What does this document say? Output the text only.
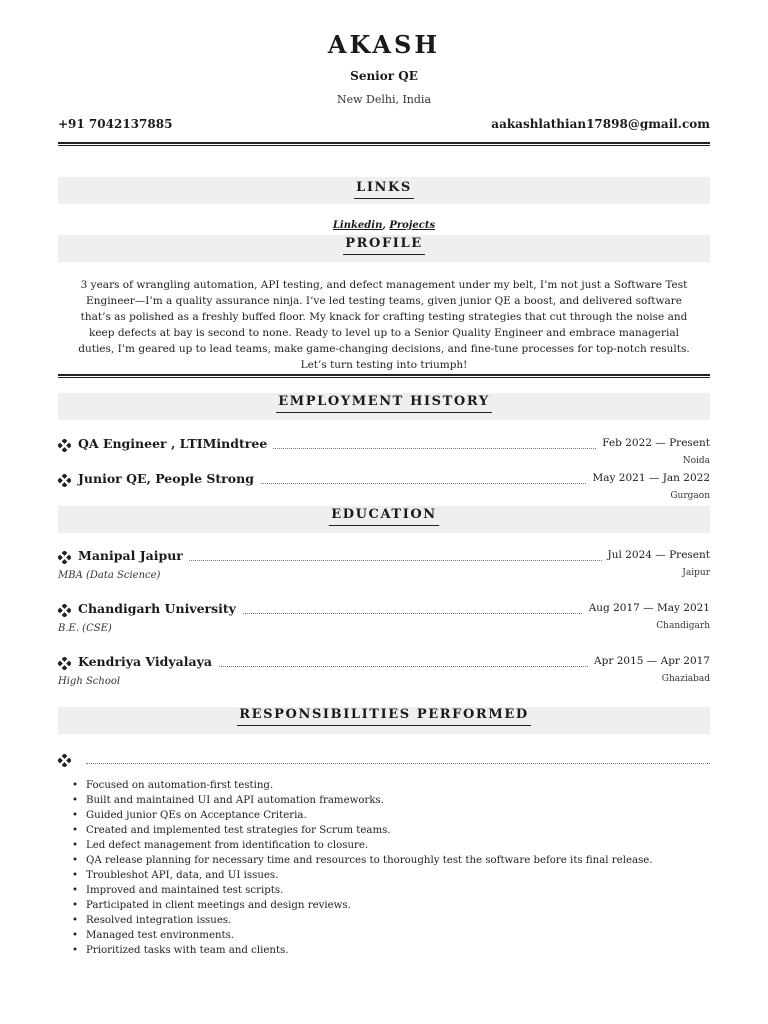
AKASH
Senior QE
New Delhi, India
+91 7042137885	aakashlathian17898@gmail.com
LINKS
Linkedin, Projects
PROFILE
3 years of wrangling automation, API testing, and defect management under my belt, I’m not just a Software Test Engineer—I’m a quality assurance ninja. I’ve led testing teams, given junior QE a boost, and delivered software that’s as polished as a freshly buffed floor. My knack for crafting testing strategies that cut through the noise and keep defects at bay is second to none. Ready to level up to a Senior Quality Engineer and embrace managerial duties, I’m geared up to lead teams, make game-changing decisions, and fine-tune processes for top-notch results. Let’s turn testing into triumph!
EMPLOYMENT HISTORY
QA Engineer , LTIMindtree	Feb 2022 — Present
Noida
Junior QE, People Strong	May 2021 — Jan 2022
Gurgaon
EDUCATION
Manipal Jaipur	Jul 2024 — Present
Jaipur
MBA (Data Science)
Chandigarh University	Aug 2017 — May 2021
Chandigarh
B.E. (CSE)
Kendriya Vidyalaya	Apr 2015 — Apr 2017
Ghaziabad
High School
RESPONSIBILITIES PERFORMED
• Focused on automation-first testing.
• Built and maintained UI and API automation frameworks.
• Guided junior QEs on Acceptance Criteria.
• Created and implemented test strategies for Scrum teams.
• Led defect management from identification to closure.
• QA release planning for necessary time and resources to thoroughly test the software before its final release.
• Troubleshot API, data, and UI issues.
• Improved and maintained test scripts.
• Participated in client meetings and design reviews.
• Resolved integration issues.
• Managed test environments.
• Prioritized tasks with team and clients.
